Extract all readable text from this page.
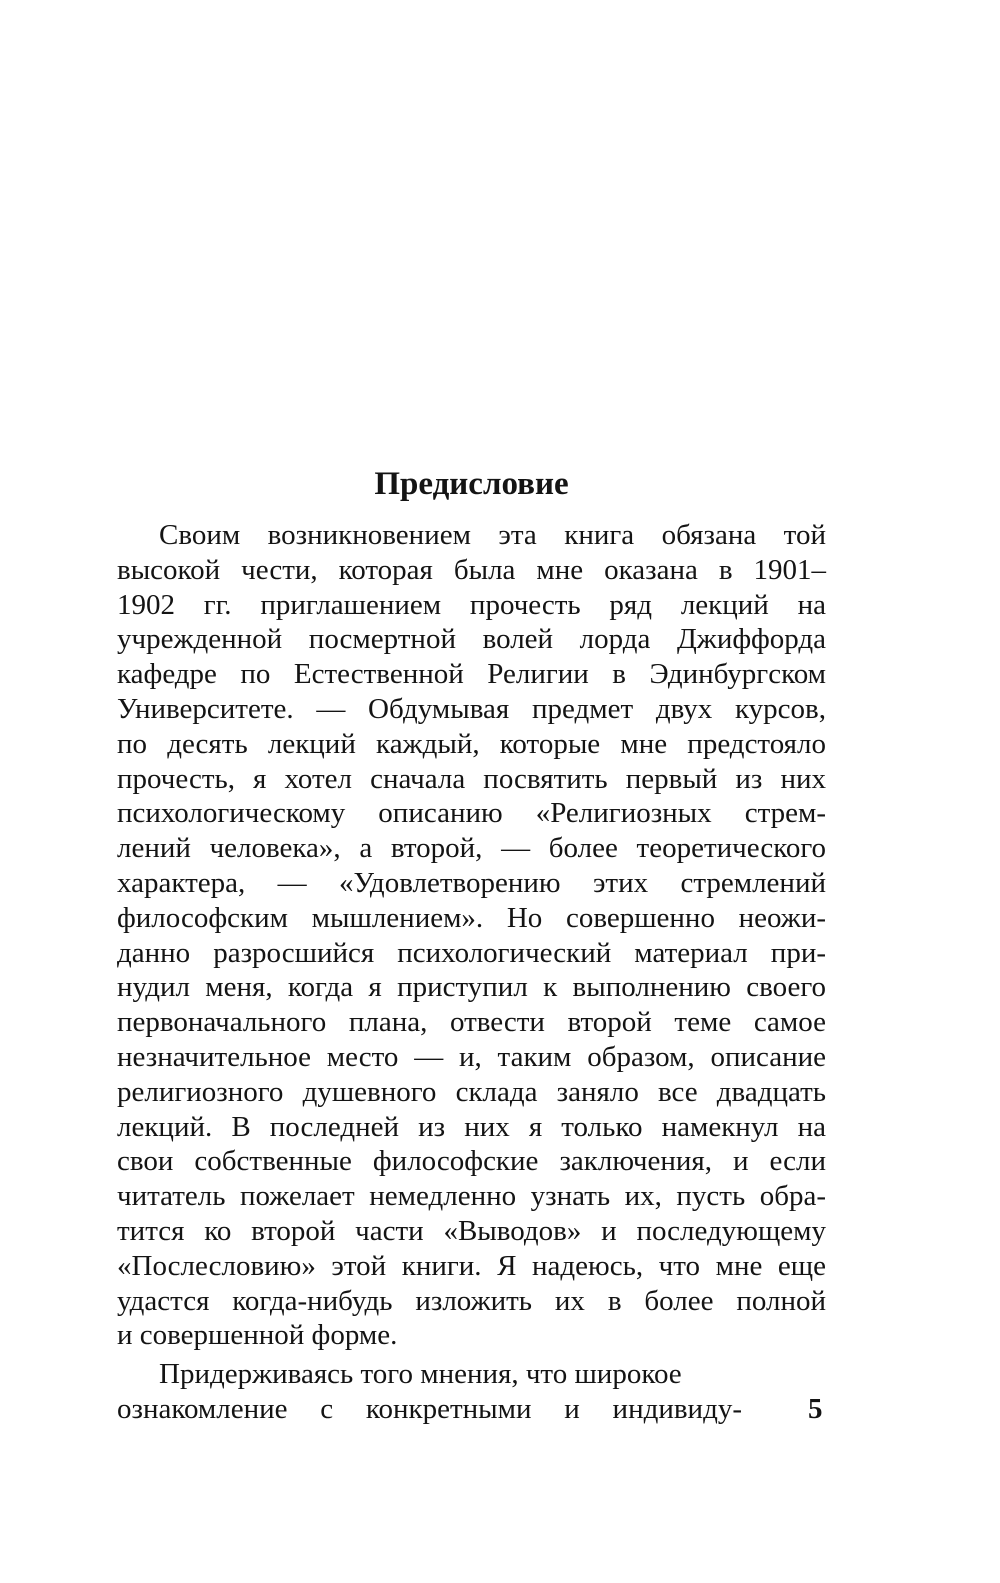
Предисловие
Своим возникновением эта книга обязана той
высокой чести, которая была мне оказана в 1901–
1902 гг. приглашением прочесть ряд лекций на
учрежденной посмертной волей лорда Джиффорда
кафедре по Естественной Религии в Эдинбургском
Университете. — Обдумывая предмет двух курсов,
по десять лекций каждый, которые мне предстояло
прочесть, я хотел сначала посвятить первый из них
психологическому описанию «Религиозных стрем-
лений человека», а второй, — более теоретического
характера, — «Удовлетворению этих стремлений
философским мышлением». Но совершенно неожи-
данно разросшийся психологический материал при-
нудил меня, когда я приступил к выполнению своего
первоначального плана, отвести второй теме самое
незначительное место — и, таким образом, описание
религиозного душевного склада заняло все двадцать
лекций. В последней из них я только намекнул на
свои собственные философские заключения, и если
читатель пожелает немедленно узнать их, пусть обра-
тится ко второй части «Выводов» и последующему
«Послесловию» этой книги. Я надеюсь, что мне еще
удастся когда-нибудь изложить их в более полной
и совершенной форме.
Придерживаясь того мнения, что широкое
ознакомление с конкретными и индивиду- 5
